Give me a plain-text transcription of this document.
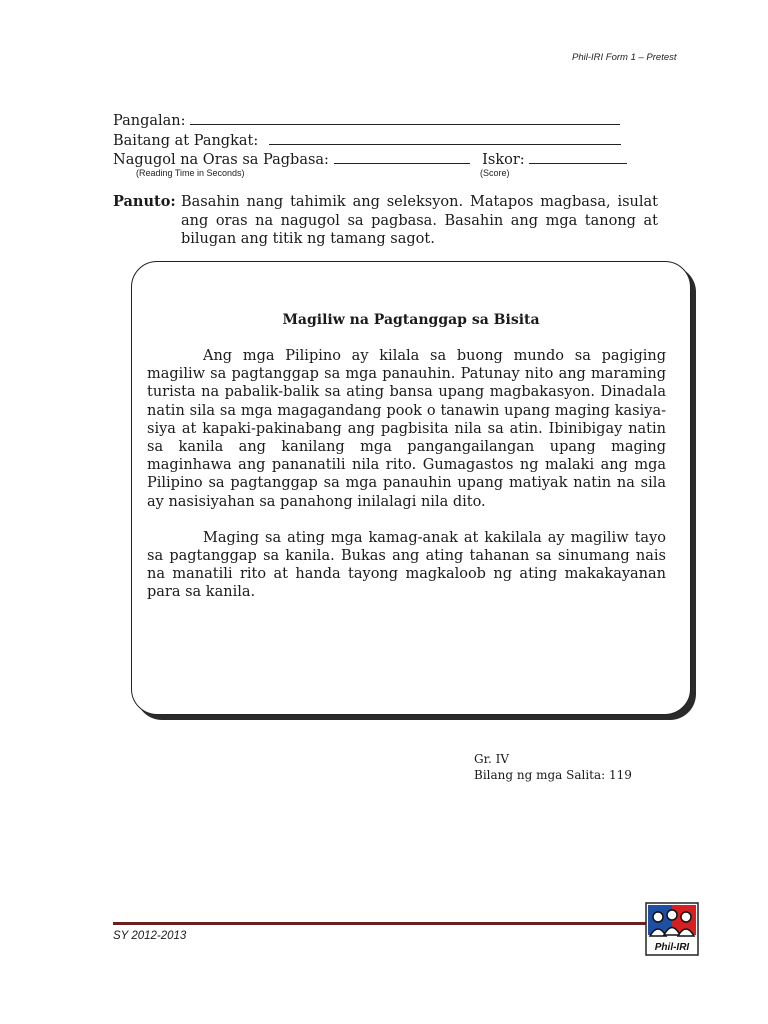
Phil-IRI Form 1 – Pretest
Pangalan:
Baitang at Pangkat:
Nagugol na Oras sa Pagbasa:	Iskor:
(Reading Time in Seconds)	(Score)
Panuto: Basahin nang tahimik ang seleksyon. Matapos magbasa, isulat ang oras na nagugol sa pagbasa. Basahin ang mga tanong at bilugan ang titik ng tamang sagot.
Magiliw na Pagtanggap sa Bisita

Ang mga Pilipino ay kilala sa buong mundo sa pagiging magiliw sa pagtanggap sa mga panauhin. Patunay nito ang maraming turista na pabalik-balik sa ating bansa upang magbakasyon. Dinadala natin sila sa mga magagandang pook o tanawin upang maging kasiya-siya at kapaki-pakinabang ang pagbisita nila sa atin. Ibinibigay natin sa kanila ang kanilang mga pangangailangan upang maging maginhawa ang pananatili nila rito. Gumagastos ng malaki ang mga Pilipino sa pagtanggap sa mga panauhin upang matiyak natin na sila ay nasisiyahan sa panahong inilalagi nila dito.

Maging sa ating mga kamag-anak at kakilala ay magiliw tayo sa pagtanggap sa kanila. Bukas ang ating tahanan sa sinumang nais na manatili rito at handa tayong magkaloob ng ating makakayanan para sa kanila.

Gr. IV
Bilang ng mga Salita: 119
SY 2012-2013
Phil-IRI
